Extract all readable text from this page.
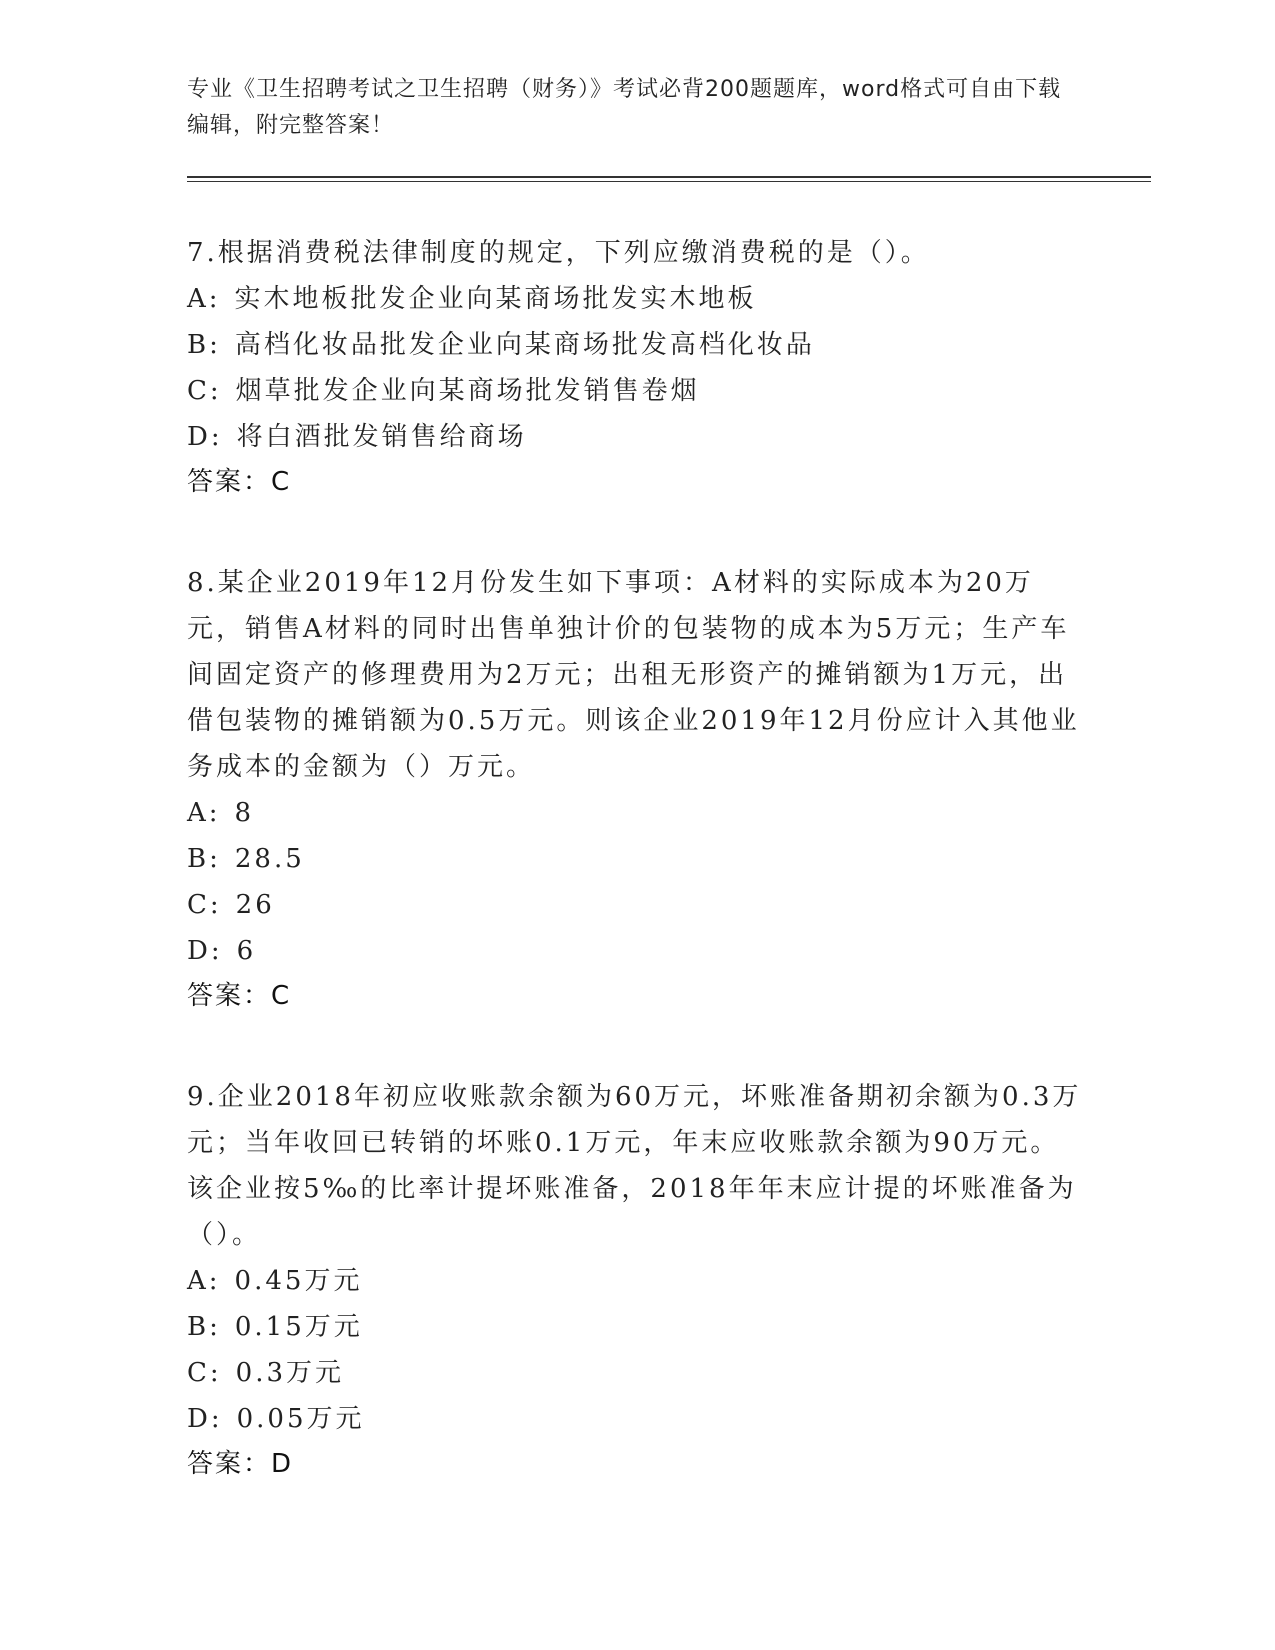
专业《卫生招聘考试之卫生招聘（财务）》考试必背200题题库，word格式可自由下载编辑，附完整答案！

7.根据消费税法律制度的规定，下列应缴消费税的是（）。

A: 实木地板批发企业向某商场批发实木地板

B: 高档化妆品批发企业向某商场批发高档化妆品

C: 烟草批发企业向某商场批发销售卷烟

D: 将白酒批发销售给商场

答案：C

8.某企业2019年12月份发生如下事项：A材料的实际成本为20万元，销售A材料的同时出售单独计价的包装物的成本为5万元；生产车间固定资产的修理费用为2万元；出租无形资产的摊销额为1万元，出借包装物的摊销额为0.5万元。则该企业2019年12月份应计入其他业务成本的金额为（）万元。

A: 8

B: 28.5

C: 26

D: 6

答案：C

9.企业2018年初应收账款余额为60万元，坏账准备期初余额为0.3万元；当年收回已转销的坏账0.1万元，年末应收账款余额为90万元。该企业按5‰的比率计提坏账准备，2018年年末应计提的坏账准备为（）。

A: 0.45万元

B: 0.15万元

C: 0.3万元

D: 0.05万元

答案：D
